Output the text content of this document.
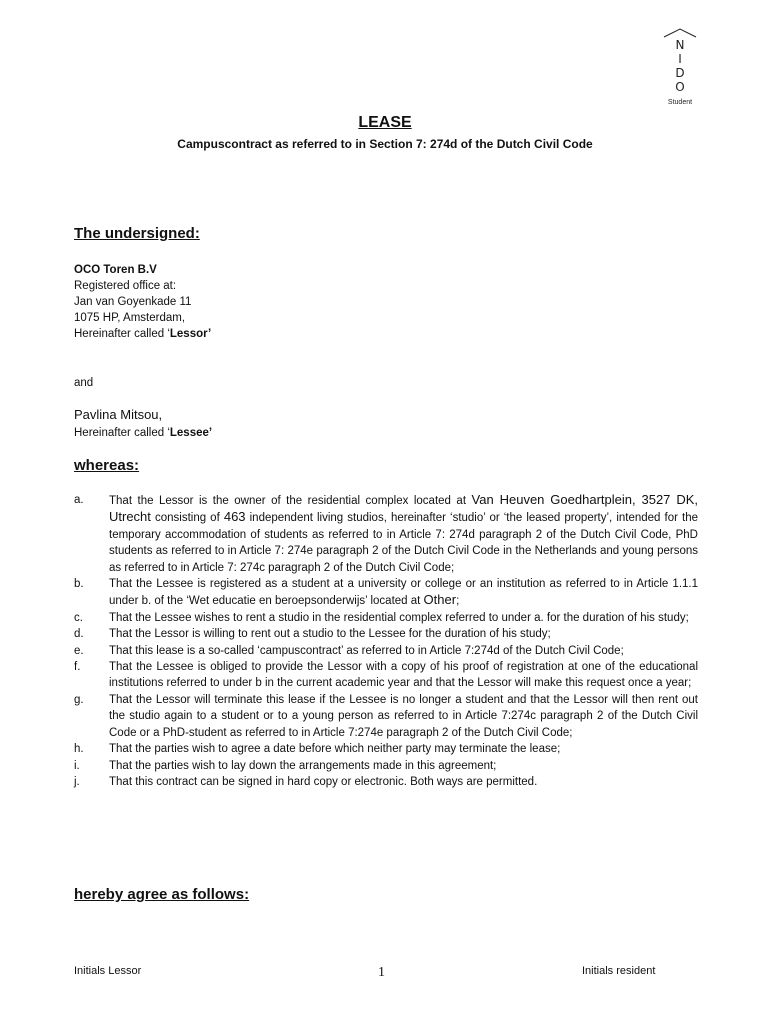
N I
D O
Student
LEASE
Campuscontract as referred to in Section 7: 274d of the Dutch Civil Code
The undersigned:
OCO Toren B.V
Registered office at:
Jan van Goyenkade 11
1075 HP, Amsterdam,
Hereinafter called ‘Lessor’
and
Pavlina Mitsou,
Hereinafter called ‘Lessee’
whereas:
a.	That the Lessor is the owner of the residential complex located at Van Heuven Goedhartplein, 3527 DK, Utrecht consisting of 463 independent living studios, hereinafter ‘studio’ or ‘the leased property’, intended for the temporary accommodation of students as referred to in Article 7: 274d paragraph 2 of the Dutch Civil Code, PhD students as referred to in Article 7: 274e paragraph 2 of the Dutch Civil Code in the Netherlands and young persons as referred to in Article 7: 274c paragraph 2 of the Dutch Civil Code;
b.	That the Lessee is registered as a student at a university or college or an institution as referred to in Article 1.1.1 under b. of the ‘Wet educatie en beroepsonderwijs’ located at Other;
c.	That the Lessee wishes to rent a studio in the residential complex referred to under a. for the duration of his study;
d.	That the Lessor is willing to rent out a studio to the Lessee for the duration of his study;
e.	That this lease is a so-called ‘campuscontract’ as referred to in Article 7:274d of the Dutch Civil Code;
f.	That the Lessee is obliged to provide the Lessor with a copy of his proof of registration at one of the educational institutions referred to under b in the current academic year and that the Lessor will make this request once a year;
g.	That the Lessor will terminate this lease if the Lessee is no longer a student and that the Lessor will then rent out the studio again to a student or to a young person as referred to in Article 7:274c paragraph 2 of the Dutch Civil Code or a PhD-student as referred to in Article 7:274e paragraph 2 of the Dutch Civil Code;
h.	That the parties wish to agree a date before which neither party may terminate the lease;
i.	That the parties wish to lay down the arrangements made in this agreement;
j.	That this contract can be signed in hard copy or electronic. Both ways are permitted.
hereby agree as follows:
Initials Lessor	1	Initials resident
